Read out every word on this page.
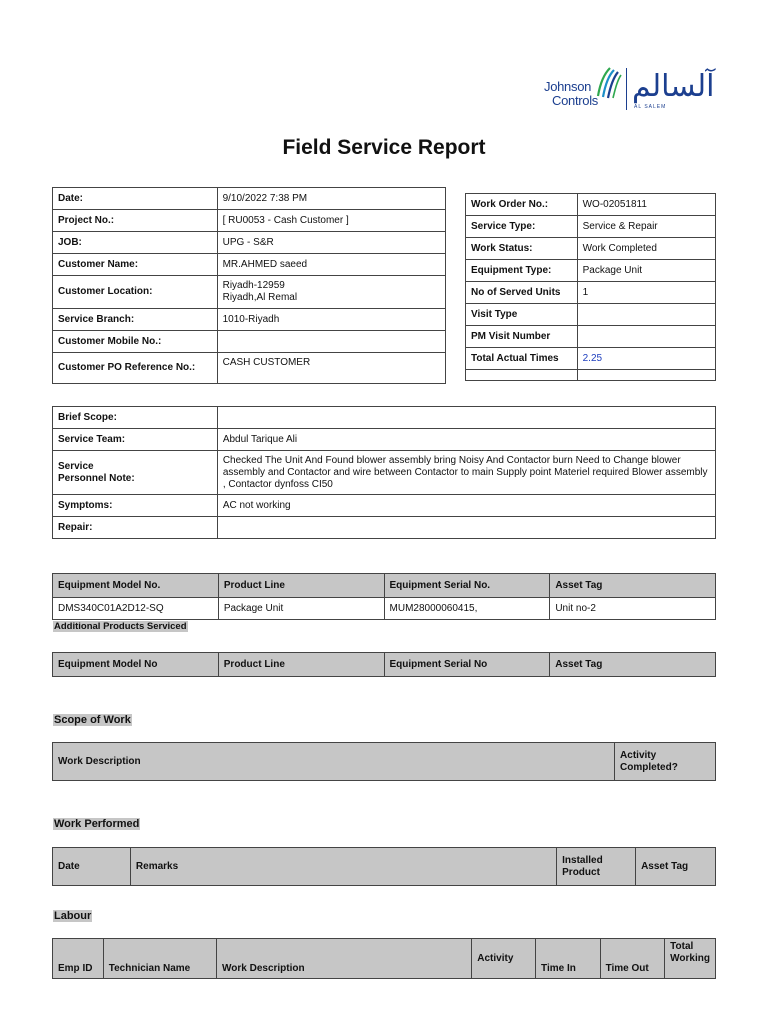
Johnson
Controls آلسالم
AL SALEM
Field Service Report
Date:	9/10/2022 7:38 PM
Project No.:	[ RU0053 - Cash Customer ]
JOB:	UPG - S&R
Customer Name:	MR.AHMED saeed
Customer Location:	Riyadh-12959
Riyadh,Al Remal
Service Branch:	1010-Riyadh
Customer Mobile No.:	
Customer PO Reference No.:	CASH CUSTOMER
Work Order No.:	WO-02051811
Service Type:	Service & Repair
Work Status:	Work Completed
Equipment Type:	Package Unit
No of Served Units	1
Visit Type	
PM Visit Number	
Total Actual Times	2.25

Brief Scope:	
Service Team:	Abdul Tarique Ali
Service
Personnel Note:	Checked The Unit And Found blower assembly bring Noisy And Contactor burn Need to Change blower assembly and Contactor and wire between Contactor to main Supply point Materiel required Blower assembly , Contactor dynfoss CI50
Symptoms:	AC not working
Repair:	
Equipment Model No.	Product Line	Equipment Serial No.	Asset Tag
DMS340C01A2D12-SQ	Package Unit	MUM28000060415,	Unit no-2
Additional Products Serviced
Equipment Model No	Product Line	Equipment Serial No	Asset Tag
Scope of Work
Work Description	Activity
Completed?
Work Performed
Date	Remarks	Installed
Product	Asset Tag
Labour
Emp ID	Technician Name	Work Description	Activity	Time In	Time Out	Total
Working
